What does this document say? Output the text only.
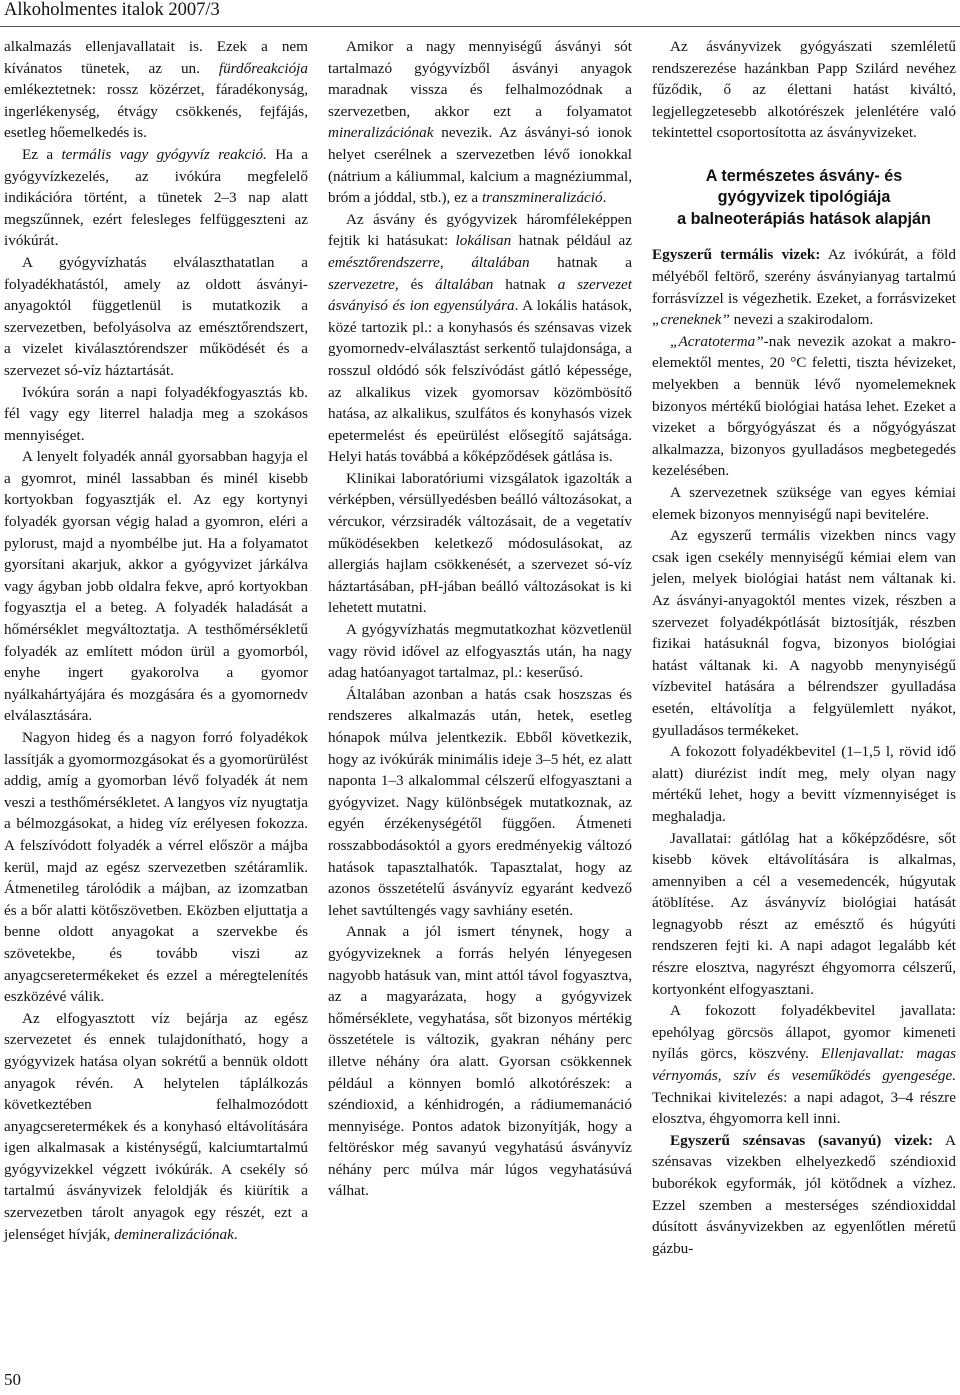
Alkoholmentes italok 2007/3

alkalmazás ellenjavallatait is. Ezek a nem kívánatos tünetek, az un. fürdőreakciója emlékeztetnek: rossz közérzet, fáradékonyság, ingerlékenység, étvágy csökkenés, fejfájás, esetleg hőemelkedés is.

Ez a termális vagy gyógyvíz reakció. Ha a gyógyvízkezelés, az ivókúra megfelelő indikációra történt, a tünetek 2–3 nap alatt megszűnnek, ezért felesleges felfüggeszteni az ivókúrát.

A gyógyvízhatás elválaszthatatlan a folyadékhatástól, amely az oldott ásványi-anyagoktól függetlenül is mutatkozik a szervezetben, befolyásolva az emésztőrendszert, a vizelet kiválasztórendszer működését és a szervezet só-víz háztartását.

Ivókúra során a napi folyadékfogyasztás kb. fél vagy egy literrel haladja meg a szokásos mennyiséget.

A lenyelt folyadék annál gyorsabban hagyja el a gyomrot, minél lassabban és minél kisebb kortyokban fogyasztják el. Az egy kortynyi folyadék gyorsan végig halad a gyomron, eléri a pylorust, majd a nyombélbe jut. Ha a folyamatot gyorsítani akarjuk, akkor a gyógyvizet járkálva vagy ágyban jobb oldalra fekve, apró kortyokban fogyasztja el a beteg. A folyadék haladását a hőmérséklet megváltoztatja. A testhőmérsékletű folyadék az említett módon ürül a gyomorból, enyhe ingert gyakorolva a gyomor nyálkahártyájára és mozgására és a gyomornedv elválasztására.

Nagyon hideg és a nagyon forró folyadékok lassítják a gyomormozgásokat és a gyomorürülést addig, amíg a gyomorban lévő folyadék át nem veszi a testhőmérsékletet. A langyos víz nyugtatja a bélmozgásokat, a hideg víz erélyesen fokozza. A felszívódott folyadék a vérrel először a májba kerül, majd az egész szervezetben szétáramlik. Átmenetileg tárolódik a májban, az izomzatban és a bőr alatti kötőszövetben. Eközben eljuttatja a benne oldott anyagokat a szervekbe és szövetekbe, és tovább viszi az anyagcseretermékeket és ezzel a méregtelenítés eszközévé válik.

Az elfogyasztott víz bejárja az egész szervezetet és ennek tulajdonítható, hogy a gyógyvizek hatása olyan sokrétű a bennük oldott anyagok révén. A helytelen táplálkozás következtében felhalmozódott anyagcseretermékek és a konyhasó eltávolítására igen alkalmasak a kisténységű, kalciumtartalmú gyógyvizekkel végzett ivókúrák. A csekély só tartalmú ásványvizek feloldják és kiürítik a szervezetben tárolt anyagok egy részét, ezt a jelenséget hívják, demineralizációnak.

Amikor a nagy mennyiségű ásványi sót tartalmazó gyógyvízből ásványi anyagok maradnak vissza és felhalmozódnak a szervezetben, akkor ezt a folyamatot mineralizációnak nevezik. Az ásványi-só ionok helyet cserélnek a szervezetben lévő ionokkal (nátrium a káliummal, kalcium a magnéziummal, bróm a jóddal, stb.), ez a transzmineralizáció.

Az ásvány és gyógyvizek háromféleképpen fejtik ki hatásukat: lokálisan hatnak például az emésztőrendszerre, általában hatnak a szervezetre, és általában hatnak a szervezet ásványisó és ion egyensúlyára. A lokális hatások, közé tartozik pl.: a konyhasós és szénsavas vizek gyomornedv-elválasztást serkentő tulajdonsága, a rosszul oldódó sók felszívódást gátló képessége, az alkalikus vizek gyomorsav közömbösítő hatása, az alkalikus, szulfátos és konyhasós vizek epetermelést és epeürülést elősegítő sajátsága. Helyi hatás továbbá a kőképződések gátlása is.

Klinikai laboratóriumi vizsgálatok igazolták a vérképben, vérsüllyedésben beálló változásokat, a vércukor, vérzsiradék változásait, de a vegetatív működésekben keletkező módosulásokat, az allergiás hajlam csökkenését, a szervezet só-víz háztartásában, pH-jában beálló változásokat is ki lehetett mutatni.

A gyógyvízhatás megmutatkozhat közvetlenül vagy rövid idővel az elfogyasztás után, ha nagy adag hatóanyagot tartalmaz, pl.: keserűsó.

Általában azonban a hatás csak hoszszas és rendszeres alkalmazás után, hetek, esetleg hónapok múlva jelentkezik. Ebből következik, hogy az ivókúrák minimális ideje 3–5 hét, ez alatt naponta 1–3 alkalommal célszerű elfogyasztani a gyógyvizet. Nagy különbségek mutatkoznak, az egyén érzékenységétől függően. Átmeneti rosszabbodásoktól a gyors eredményekig változó hatások tapasztalhatók. Tapasztalat, hogy az azonos összetételű ásványvíz egyaránt kedvező lehet savtúltengés vagy savhiány esetén.

Annak a jól ismert ténynek, hogy a gyógyvizeknek a forrás helyén lényegesen nagyobb hatásuk van, mint attól távol fogyasztva, az a magyarázata, hogy a gyógyvizek hőmérséklete, vegyhatása, sőt bizonyos mértékig összetétele is változik, gyakran néhány perc illetve néhány óra alatt. Gyorsan csökkennek például a könnyen bomló alkotórészek: a széndioxid, a kénhidrogén, a rádiumemanáció mennyisége. Pontos adatok bizonyítják, hogy a feltöréskor még savanyú vegyhatású ásványvíz néhány perc múlva már lúgos vegyhatásúvá válhat.

Az ásványvizek gyógyászati szemléletű rendszerezése hazánkban Papp Szilárd nevéhez fűződik, ő az élettani hatást kiváltó, legjellegzetesebb alkotórészek jelenlétére való tekintettel csoportosította az ásványvizeket.

A természetes ásvány- és
gyógyvizek tipológiája
a balneoterápiás hatások alapján

Egyszerű termális vizek: Az ivókúrát, a föld mélyéből feltörő, szerény ásványianyag tartalmú forrásvízzel is végezhetik. Ezeket, a forrásvizeket „creneknek” nevezi a szakirodalom.

„Acratoterma”-nak nevezik azokat a makro-elemektől mentes, 20 °C feletti, tiszta hévizeket, melyekben a bennük lévő nyomelemeknek bizonyos mértékű biológiai hatása lehet. Ezeket a vizeket a bőrgyógyászat és a nőgyógyászat alkalmazza, bizonyos gyulladásos megbetegedés kezelésében.

A szervezetnek szüksége van egyes kémiai elemek bizonyos mennyiségű napi bevitelére.

Az egyszerű termális vizekben nincs vagy csak igen csekély mennyiségű kémiai elem van jelen, melyek biológiai hatást nem váltanak ki. Az ásványi-anyagoktól mentes vizek, részben a szervezet folyadékpótlását biztosítják, részben fizikai hatásuknál fogva, bizonyos biológiai hatást váltanak ki. A nagyobb menynyiségű vízbevitel hatására a bélrendszer gyulladása esetén, eltávolítja a felgyülemlett nyákot, gyulladásos termékeket.

A fokozott folyadékbevitel (1–1,5 l, rövid idő alatt) diurézist indít meg, mely olyan nagy mértékű lehet, hogy a bevitt vízmennyiséget is meghaladja.

Javallatai: gátlólag hat a kőképződésre, sőt kisebb kövek eltávolítására is alkalmas, amennyiben a cél a vesemedencék, húgyutak átöblítése. Az ásványvíz biológiai hatását legnagyobb részt az emésztő és húgyúti rendszeren fejti ki. A napi adagot legalább két részre elosztva, nagyrészt éhgyomorra célszerű, kortyonként elfogyasztani.

A fokozott folyadékbevitel javallata: epehólyag görcsös állapot, gyomor kimeneti nyílás görcs, köszvény. Ellenjavallat: magas vérnyomás, szív és veseműködés gyengesége. Technikai kivitelezés: a napi adagot, 3–4 részre elosztva, éhgyomorra kell inni.

Egyszerű szénsavas (savanyú) vizek: A szénsavas vizekben elhelyezkedő széndioxid buborékok egyformák, jól kötődnek a vízhez. Ezzel szemben a mesterséges széndioxiddal dúsított ásványvizekben az egyenlőtlen méretű gázbu-

50
